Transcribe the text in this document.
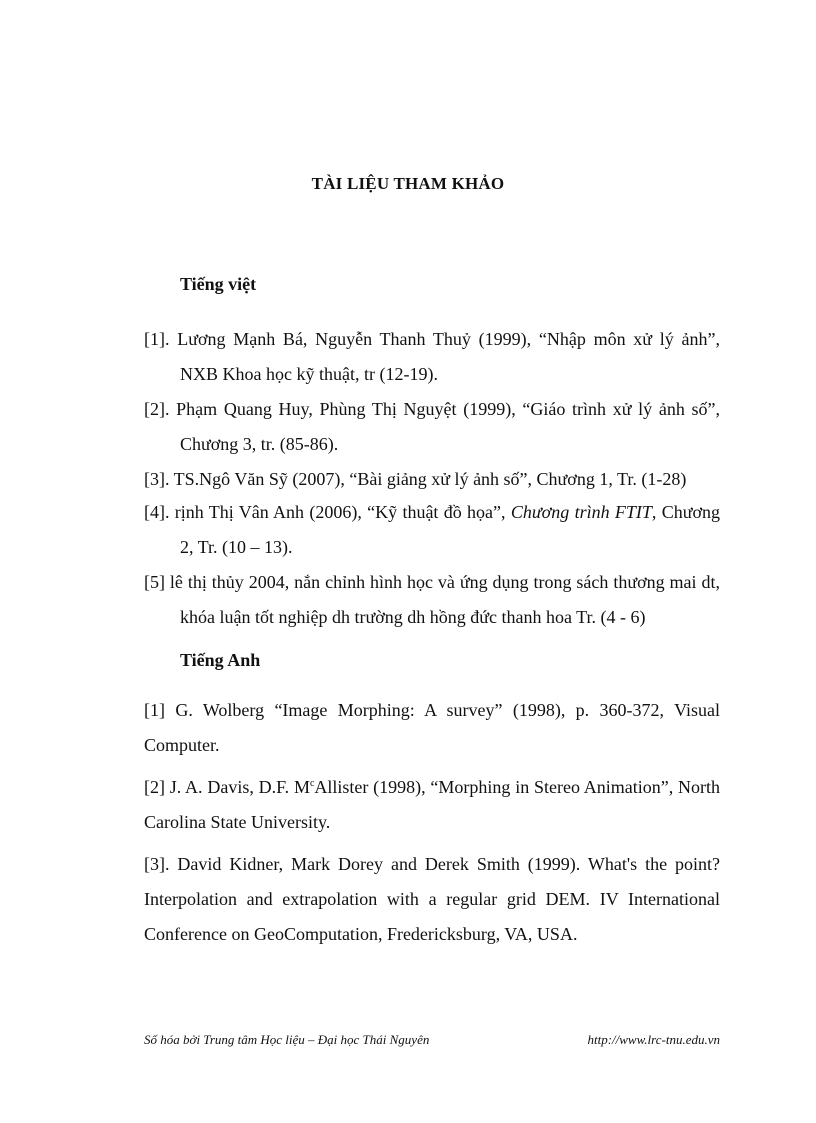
TÀI LIỆU THAM KHẢO
Tiếng việt
[1]. Lương Mạnh Bá, Nguyễn Thanh Thuỷ (1999), “Nhập môn xử lý ảnh”, NXB Khoa học kỹ thuật, tr (12-19).
[2]. Phạm Quang Huy, Phùng Thị Nguyệt (1999), “Giáo trình xử lý ảnh số”, Chương 3, tr. (85-86).
[3]. TS.Ngô Văn Sỹ (2007), “Bài giảng xử lý ảnh số”, Chương 1, Tr. (1-28)
[4]. rịnh Thị Vân Anh (2006), “Kỹ thuật đồ họa”, Chương trình FTIT, Chương 2, Tr. (10 – 13).
[5] lê thị thủy 2004, nắn chỉnh hình học và ứng dụng trong sách thương mai dt, khóa luận tốt nghiệp dh trường dh hồng đức thanh hoa Tr. (4 - 6)
Tiếng Anh
[1] G. Wolberg “Image Morphing: A survey” (1998), p. 360-372, Visual Computer.
[2] J. A. Davis, D.F. $M^cAllister$ (1998), “Morphing in Stereo Animation”, North Carolina State University.
[3]. David Kidner, Mark Dorey and Derek Smith (1999). What's the point? Interpolation and extrapolation with a regular grid DEM. IV International Conference on GeoComputation, Fredericksburg, VA, USA.
Số hóa bởi Trung tâm Học liệu – Đại học Thái Nguyên	http://www.lrc-tnu.edu.vn
